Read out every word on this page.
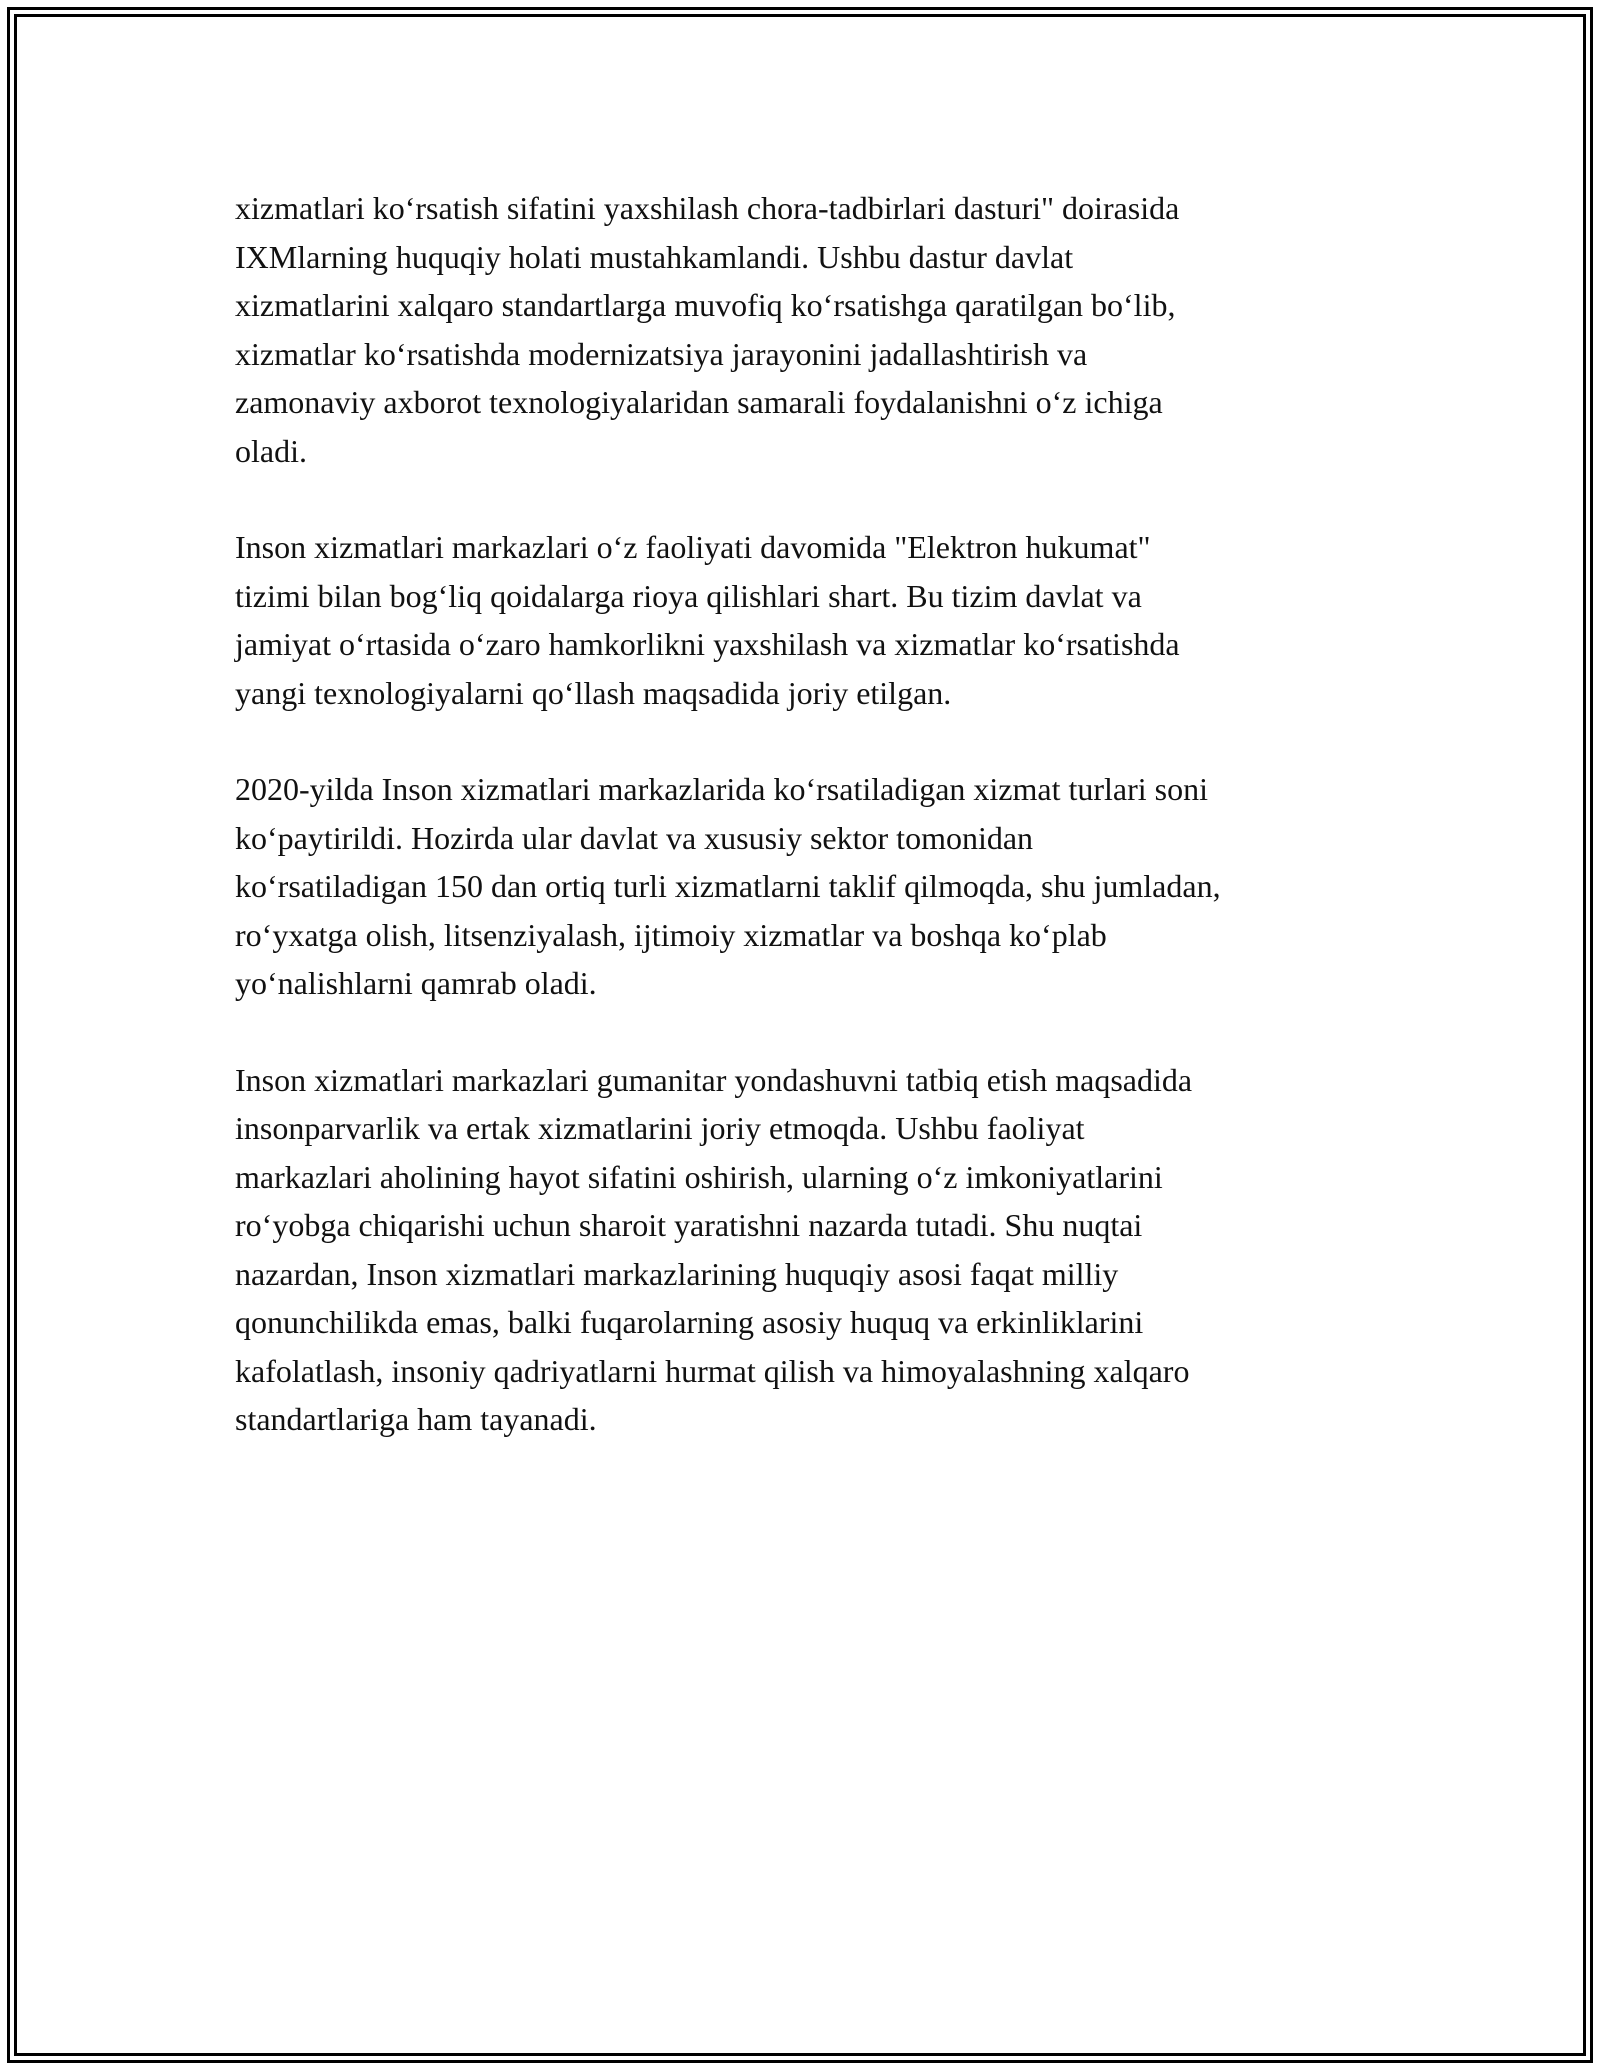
xizmatlari koʻrsatish sifatini yaxshilash chora-tadbirlari dasturi" doirasida
IXMlarning huquqiy holati mustahkamlandi. Ushbu dastur davlat
xizmatlarini xalqaro standartlarga muvofiq koʻrsatishga qaratilgan boʻlib,
xizmatlar koʻrsatishda modernizatsiya jarayonini jadallashtirish va
zamonaviy axborot texnologiyalaridan samarali foydalanishni oʻz ichiga
oladi.

Inson xizmatlari markazlari oʻz faoliyati davomida "Elektron hukumat"
tizimi bilan bogʻliq qoidalarga rioya qilishlari shart. Bu tizim davlat va
jamiyat oʻrtasida oʻzaro hamkorlikni yaxshilash va xizmatlar koʻrsatishda
yangi texnologiyalarni qoʻllash maqsadida joriy etilgan.

2020-yilda Inson xizmatlari markazlarida koʻrsatiladigan xizmat turlari soni
koʻpaytirildi. Hozirda ular davlat va xususiy sektor tomonidan
koʻrsatiladigan 150 dan ortiq turli xizmatlarni taklif qilmoqda, shu jumladan,
roʻyxatga olish, litsenziyalash, ijtimoiy xizmatlar va boshqa koʻplab
yoʻnalishlarni qamrab oladi.

Inson xizmatlari markazlari gumanitar yondashuvni tatbiq etish maqsadida
insonparvarlik va ertak xizmatlarini joriy etmoqda. Ushbu faoliyat
markazlari aholining hayot sifatini oshirish, ularning oʻz imkoniyatlarini
roʻyobga chiqarishi uchun sharoit yaratishni nazarda tutadi. Shu nuqtai
nazardan, Inson xizmatlari markazlarining huquqiy asosi faqat milliy
qonunchilikda emas, balki fuqarolarning asosiy huquq va erkinliklarini
kafolatlash, insoniy qadriyatlarni hurmat qilish va himoyalashning xalqaro
standartlariga ham tayanadi.
